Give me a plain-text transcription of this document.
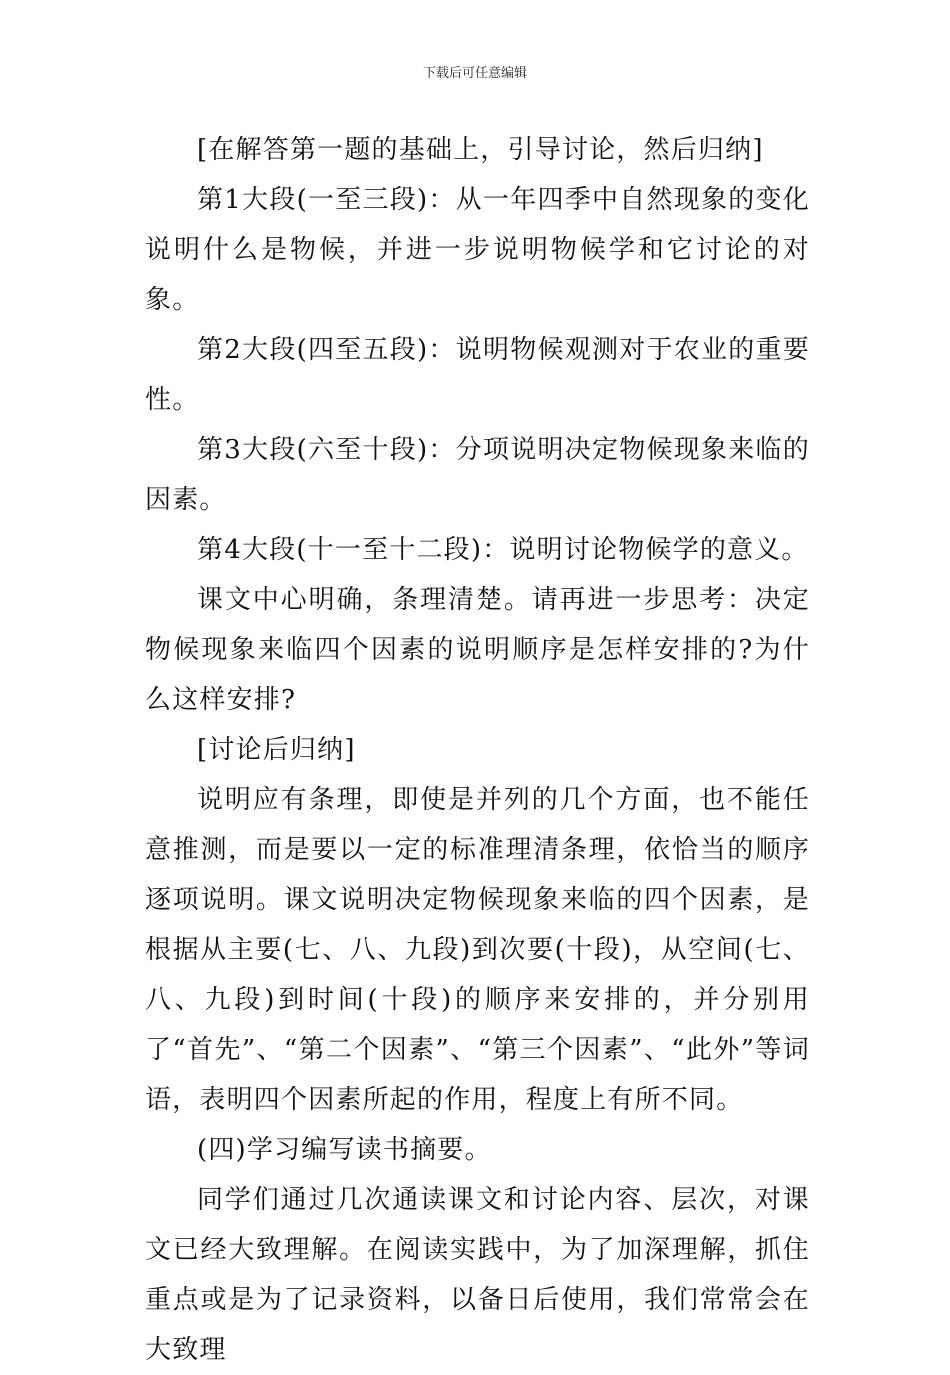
下载后可任意编辑

[在解答第一题的基础上，引导讨论，然后归纳]

第1大段(一至三段)：从一年四季中自然现象的变化说明什么是物候，并进一步说明物候学和它讨论的对象。

第2大段(四至五段)：说明物候观测对于农业的重要性。

第3大段(六至十段)：分项说明决定物候现象来临的因素。

第4大段(十一至十二段)：说明讨论物候学的意义。

课文中心明确，条理清楚。请再进一步思考：决定物候现象来临四个因素的说明顺序是怎样安排的?为什么这样安排?

[讨论后归纳]

说明应有条理，即使是并列的几个方面，也不能任意推测，而是要以一定的标准理清条理，依恰当的顺序逐项说明。课文说明决定物候现象来临的四个因素，是根据从主要(七、八、九段)到次要(十段)，从空间(七、八、九段)到时间(十段)的顺序来安排的，并分别用了“首先”、“第二个因素”、“第三个因素”、“此外”等词语，表明四个因素所起的作用，程度上有所不同。

(四)学习编写读书摘要。

同学们通过几次通读课文和讨论内容、层次，对课文已经大致理解。在阅读实践中，为了加深理解，抓住重点或是为了记录资料，以备日后使用，我们常常会在大致理
